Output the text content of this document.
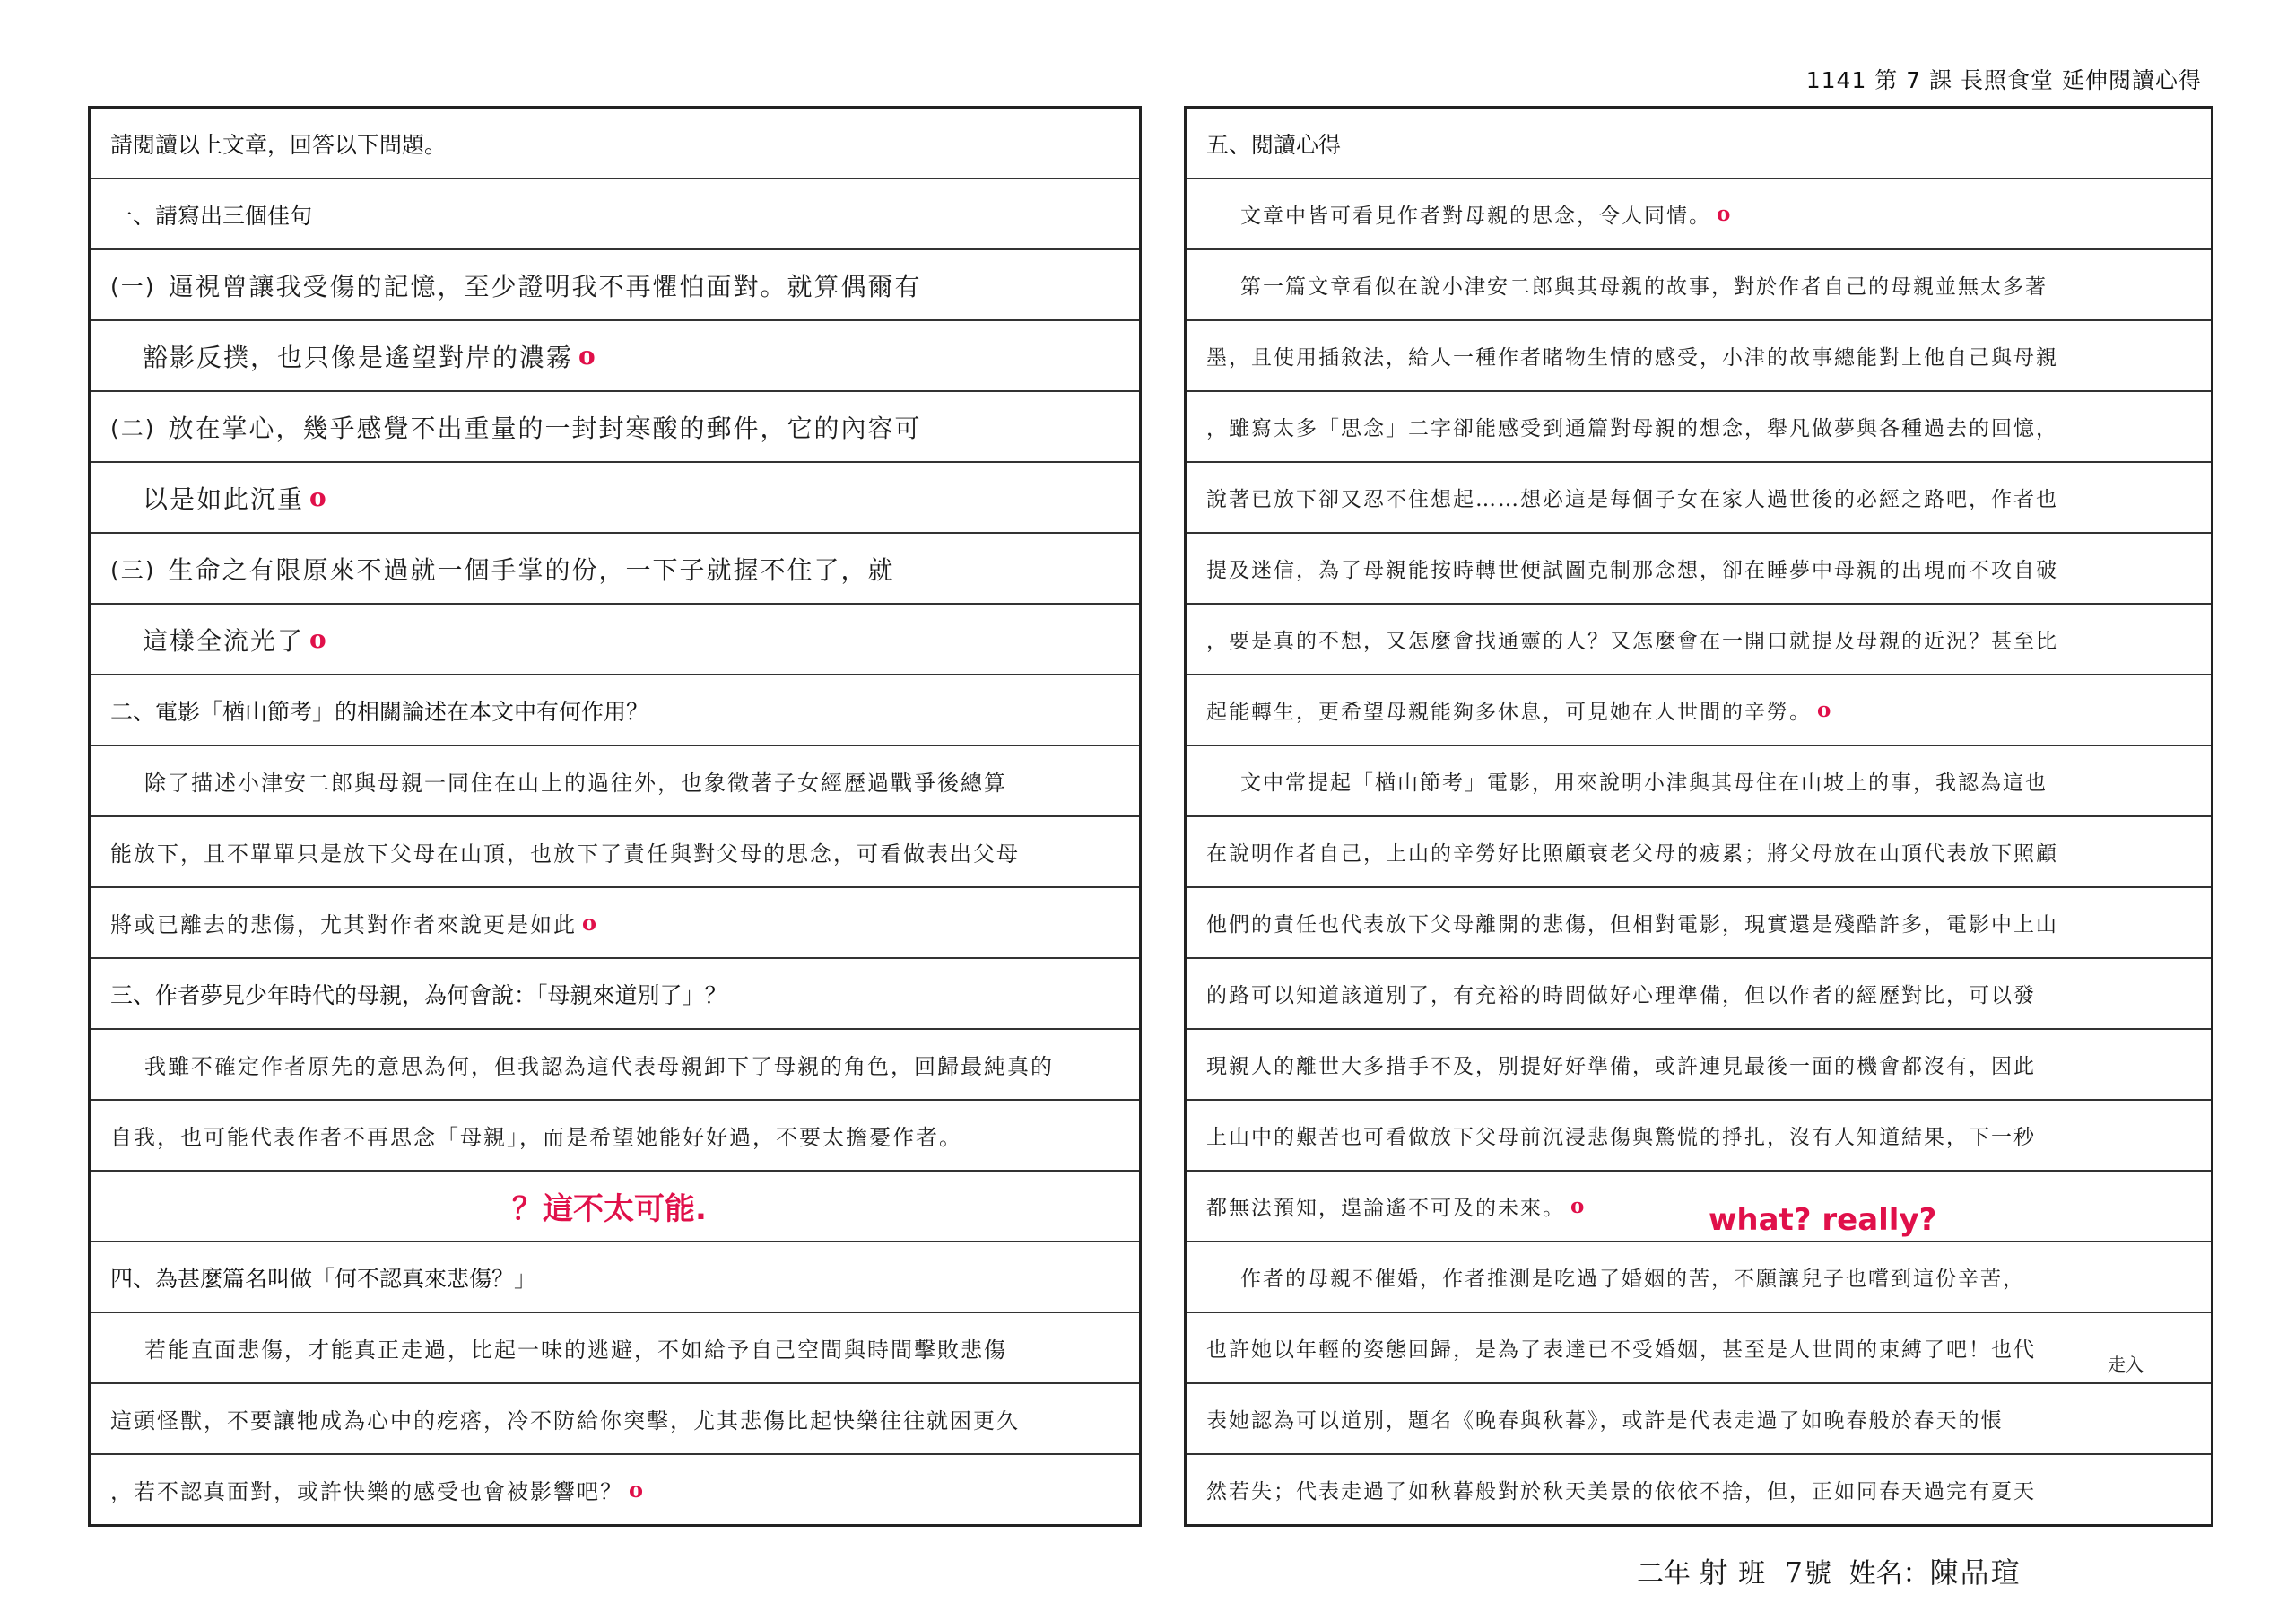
1141 第 7 課 長照食堂 延伸閱讀心得
請閱讀以上文章，回答以下問題。
一、請寫出三個佳句
(一) 逼視曾讓我受傷的記憶，至少證明我不再懼怕面對。就算偶爾有
豁影反撲，也只像是遙望對岸的濃霧 o
(二) 放在掌心，幾乎感覺不出重量的一封封寒酸的郵件，它的內容可
以是如此沉重 o
(三) 生命之有限原來不過就一個手掌的份，一下子就握不住了，就
這樣全流光了 o
二、電影「楢山節考」的相關論述在本文中有何作用？
除了描述小津安二郎與母親一同住在山上的過往外，也象徵著子女經歷過戰爭後總算
能放下，且不單單只是放下父母在山頂，也放下了責任與對父母的思念，可看做表出父母
將或已離去的悲傷，尤其對作者來說更是如此 o
三、作者夢見少年時代的母親，為何會說：「母親來道別了」？
我雖不確定作者原先的意思為何，但我認為這代表母親卸下了母親的角色，回歸最純真的
自我，也可能代表作者不再思念「母親」，而是希望她能好好過，不要太擔憂作者。
？這不太可能.
四、為甚麼篇名叫做「何不認真來悲傷？」
若能直面悲傷，才能真正走過，比起一味的逃避，不如給予自己空間與時間擊敗悲傷
這頭怪獸，不要讓牠成為心中的疙瘩，冷不防給你突擊，尤其悲傷比起快樂往往就困更久
，若不認真面對，或許快樂的感受也會被影響吧？ o
五、閱讀心得
文章中皆可看見作者對母親的思念，令人同情。 o
第一篇文章看似在說小津安二郎與其母親的故事，對於作者自己的母親並無太多著
墨，且使用插敘法，給人一種作者睹物生情的感受，小津的故事總能對上他自己與母親
，雖寫太多「思念」二字卻能感受到通篇對母親的想念，舉凡做夢與各種過去的回憶，
說著已放下卻又忍不住想起……想必這是每個子女在家人過世後的必經之路吧，作者也
提及迷信，為了母親能按時轉世便試圖克制那念想，卻在睡夢中母親的出現而不攻自破
，要是真的不想，又怎麼會找通靈的人？又怎麼會在一開口就提及母親的近況？甚至比
起能轉生，更希望母親能夠多休息，可見她在人世間的辛勞。 o
文中常提起「楢山節考」電影，用來說明小津與其母住在山坡上的事，我認為這也
在說明作者自己，上山的辛勞好比照顧衰老父母的疲累；將父母放在山頂代表放下照顧
他們的責任也代表放下父母離開的悲傷，但相對電影，現實還是殘酷許多，電影中上山
的路可以知道該道別了，有充裕的時間做好心理準備，但以作者的經歷對比，可以發
現親人的離世大多措手不及，別提好好準備，或許連見最後一面的機會都沒有，因此
上山中的艱苦也可看做放下父母前沉浸悲傷與驚慌的掙扎，沒有人知道結果，下一秒
都無法預知，遑論遙不可及的未來。 o
作者的母親不催婚，作者推測是吃過了婚姻的苦，不願讓兒子也嚐到這份辛苦，
也許她以年輕的姿態回歸，是為了表達已不受婚姻，甚至是人世間的束縛了吧！也代
表她認為可以道別，題名《晚春與秋暮》，或許是代表走過了如晚春般於春天的悵
然若失；代表走過了如秋暮般對於秋天美景的依依不捨，但，正如同春天過完有夏天
what? really?
走入
二年 射 班 7號 姓名：陳品瑄
